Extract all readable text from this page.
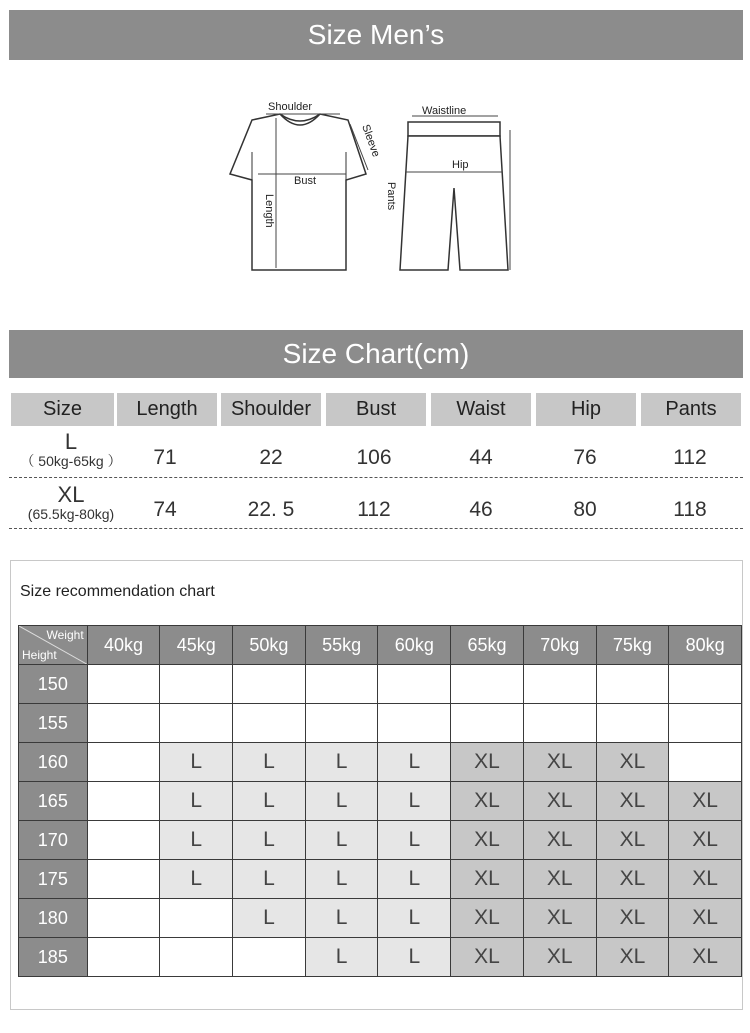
Size Men’s
Shoulder
Bust
Length
Sleeve
Waistline
Hip
Pants
Size Chart(cm)
Size	Length	Shoulder	Bust	Waist	Hip	Pants
L
（ 50kg-65kg ）	71	22	106	44	76	112
XL
(65.5kg-80kg)	74	22. 5	112	46	80	118
Size recommendation chart
Weight
Height	40kg	45kg	50kg	55kg	60kg	65kg	70kg	75kg	80kg
150									
155									
160		L	L	L	L	XL	XL	XL	
165		L	L	L	L	XL	XL	XL	XL
170		L	L	L	L	XL	XL	XL	XL
175		L	L	L	L	XL	XL	XL	XL
180			L	L	L	XL	XL	XL	XL
185				L	L	XL	XL	XL	XL
